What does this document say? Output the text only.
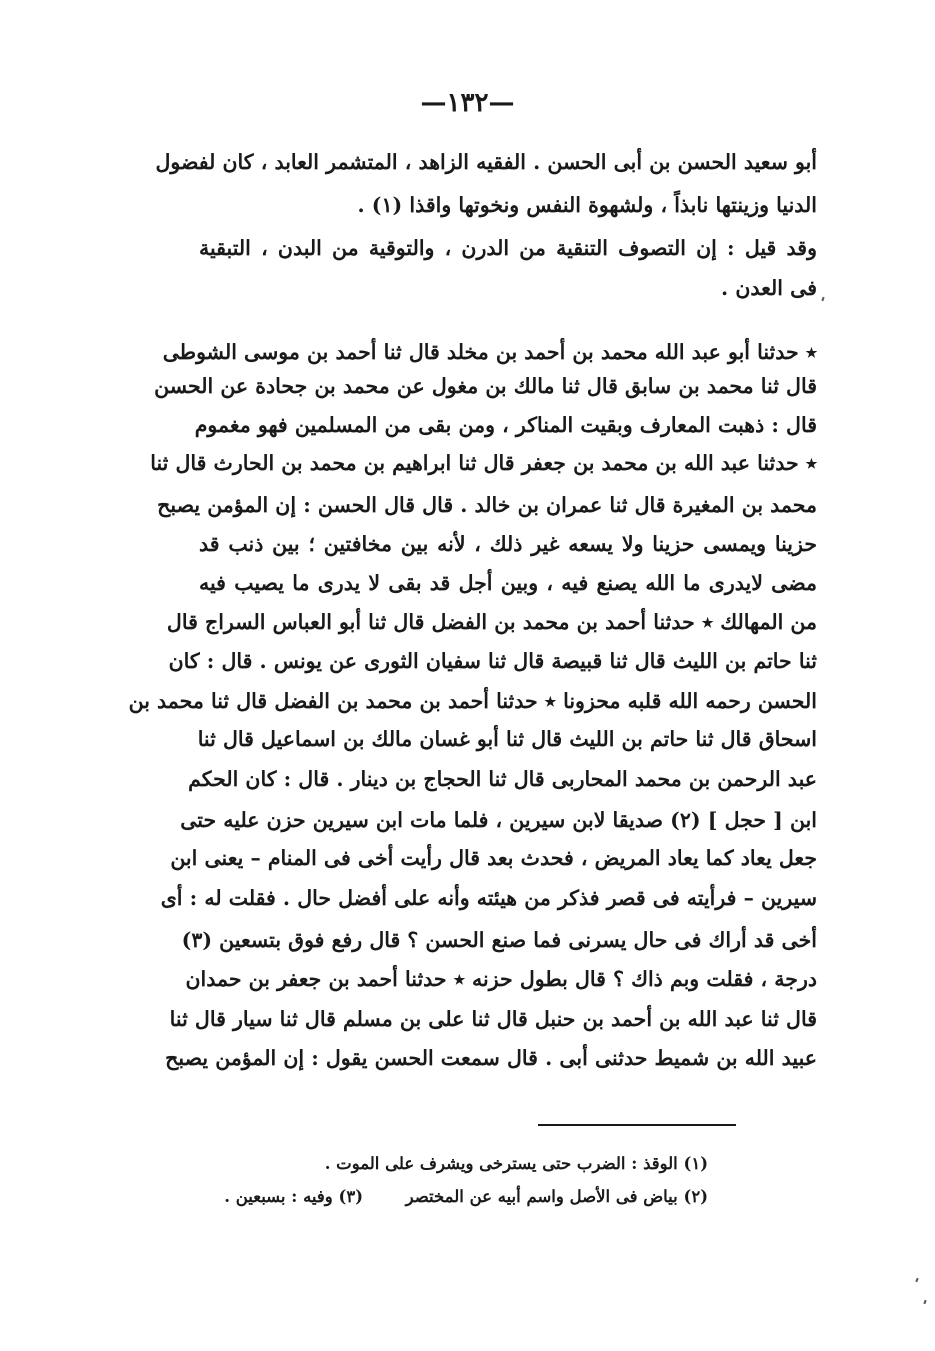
—١٣٢—
أبو سعيد الحسن بن أبى الحسن . الفقيه الزاهد ، المتشمر العابد ، كان لفضول
الدنيا وزينتها نابذاً ، ولشهوة النفس ونخوتها واقذا (١) .
وقد قيل : إن التصوف التنقية من الدرن ، والتوقية من البدن ، التبقية
فى العدن .
٭ حدثنا أبو عبد الله محمد بن أحمد بن مخلد قال ثنا أحمد بن موسى الشوطى
قال ثنا محمد بن سابق قال ثنا مالك بن مغول عن محمد بن جحادة عن الحسن
قال : ذهبت المعارف وبقيت المناكر ، ومن بقى من المسلمين فهو مغموم
٭ حدثنا عبد الله بن محمد بن جعفر قال ثنا ابراهيم بن محمد بن الحارث قال ثنا
محمد بن المغيرة قال ثنا عمران بن خالد . قال قال الحسن : إن المؤمن يصبح
حزينا ويمسى حزينا ولا يسعه غير ذلك ، لأنه بين مخافتين ؛ بين ذنب قد
مضى لايدرى ما الله يصنع فيه ، وبين أجل قد بقى لا يدرى ما يصيب فيه
من المهالك ٭ حدثنا أحمد بن محمد بن الفضل قال ثنا أبو العباس السراج قال
ثنا حاتم بن الليث قال ثنا قبيصة قال ثنا سفيان الثورى عن يونس . قال : كان
الحسن رحمه الله قلبه محزونا ٭ حدثنا أحمد بن محمد بن الفضل قال ثنا محمد بن
اسحاق قال ثنا حاتم بن الليث قال ثنا أبو غسان مالك بن اسماعيل قال ثنا
عبد الرحمن بن محمد المحاربى قال ثنا الحجاج بن دينار . قال : كان الحكم
ابن [ حجل ] (٢) صديقا لابن سيرين ، فلما مات ابن سيرين حزن عليه حتى
جعل يعاد كما يعاد المريض ، فحدث بعد قال رأيت أخى فى المنام – يعنى ابن
سيرين – فرأيته فى قصر فذكر من هيئته وأنه على أفضل حال . فقلت له : أى
أخى قد أراك فى حال يسرنى فما صنع الحسن ؟ قال رفع فوق بتسعين (٣)
درجة ، فقلت وبم ذاك ؟ قال بطول حزنه ٭ حدثنا أحمد بن جعفر بن حمدان
قال ثنا عبد الله بن أحمد بن حنبل قال ثنا على بن مسلم قال ثنا سيار قال ثنا
عبيد الله بن شميط حدثنى أبى . قال سمعت الحسن يقول : إن المؤمن يصبح
(١) الوقذ : الضرب حتى يسترخى ويشرف على الموت .
(٢) بياض فى الأصل واسم أبيه عن المختصر
(٣) وفيه : بسبعين .
